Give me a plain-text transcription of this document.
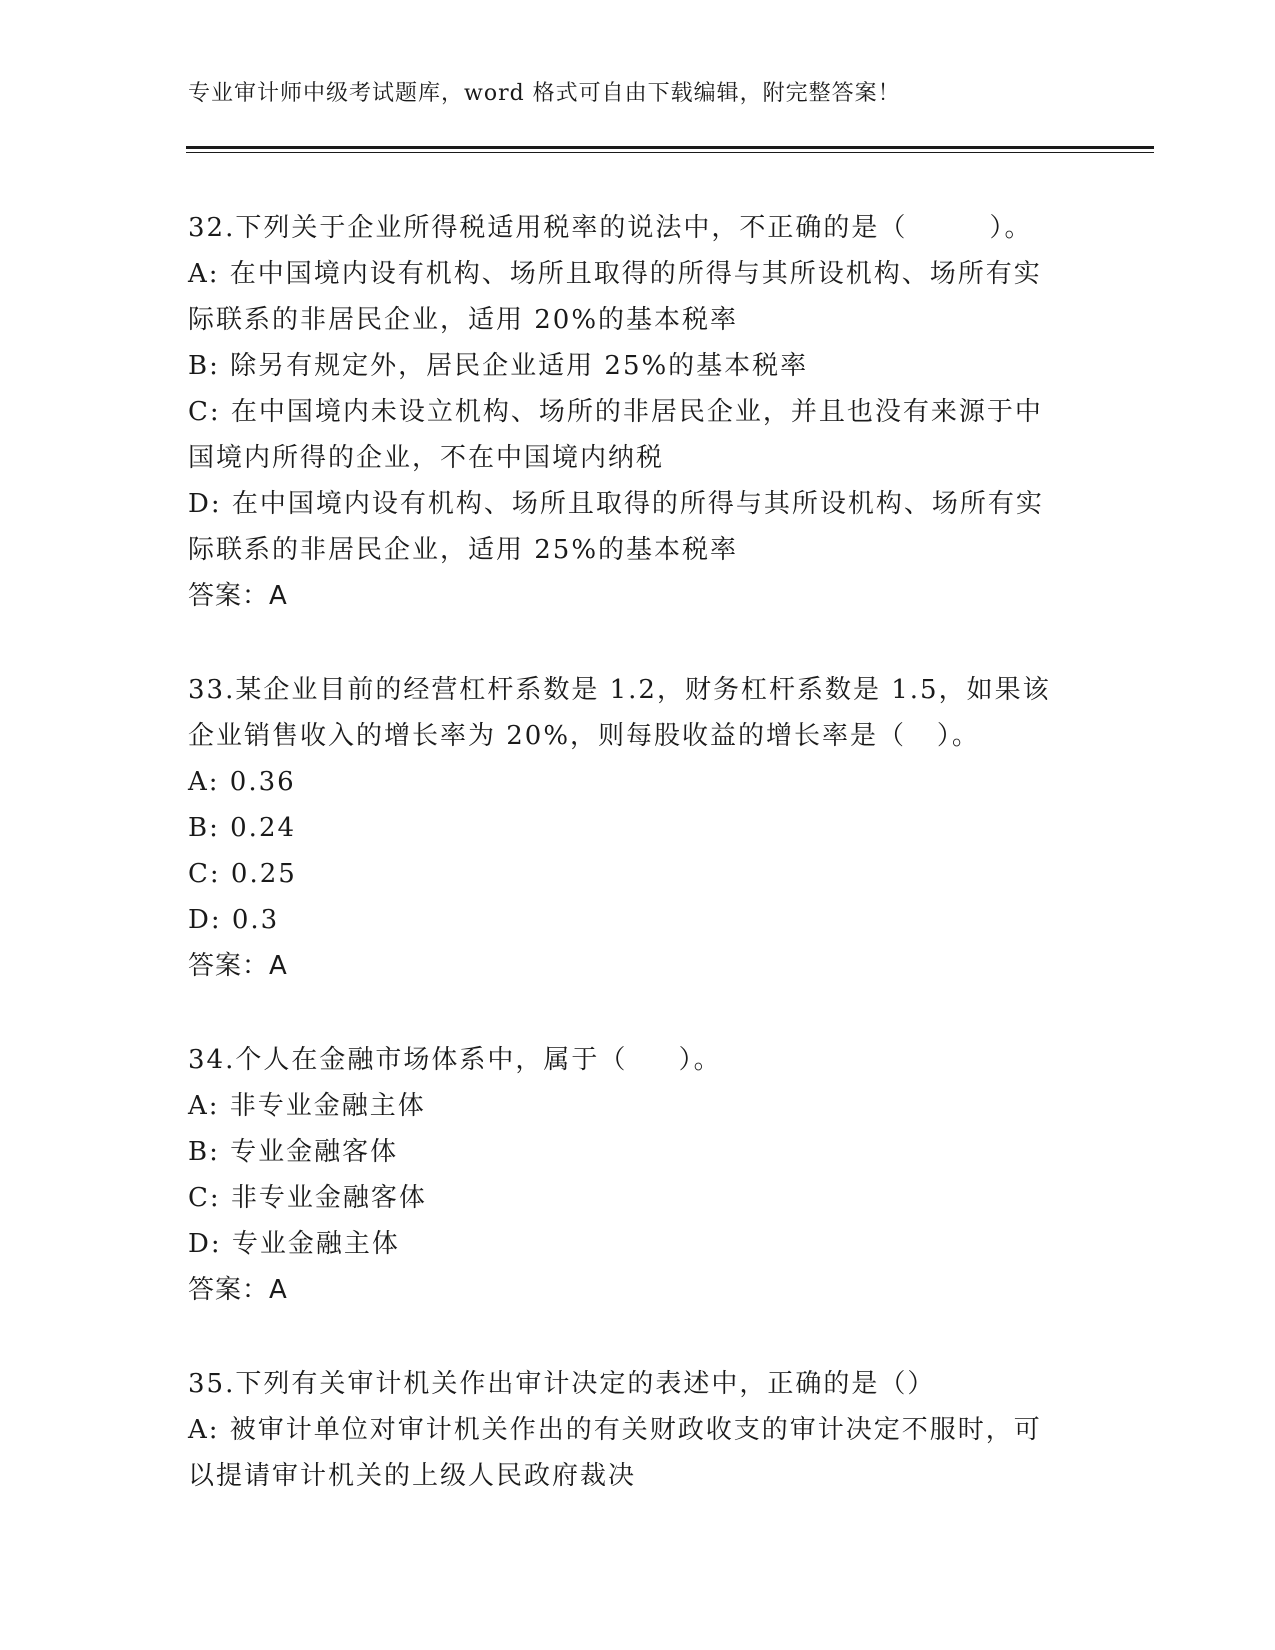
专业审计师中级考试题库，word 格式可自由下载编辑，附完整答案！
32.下列关于企业所得税适用税率的说法中，不正确的是（        ）。
A: 在中国境内设有机构、场所且取得的所得与其所设机构、场所有实
际联系的非居民企业，适用 20%的基本税率
B: 除另有规定外，居民企业适用 25%的基本税率
C: 在中国境内未设立机构、场所的非居民企业，并且也没有来源于中
国境内所得的企业，不在中国境内纳税
D: 在中国境内设有机构、场所且取得的所得与其所设机构、场所有实
际联系的非居民企业，适用 25%的基本税率
答案：A
33.某企业目前的经营杠杆系数是 1.2，财务杠杆系数是 1.5，如果该
企业销售收入的增长率为 20%，则每股收益的增长率是（   ）。
A: 0.36
B: 0.24
C: 0.25
D: 0.3
答案：A
34.个人在金融市场体系中，属于（     ）。
A: 非专业金融主体
B: 专业金融客体
C: 非专业金融客体
D: 专业金融主体
答案：A
35.下列有关审计机关作出审计决定的表述中，正确的是（）
A: 被审计单位对审计机关作出的有关财政收支的审计决定不服时，可
以提请审计机关的上级人民政府裁决
